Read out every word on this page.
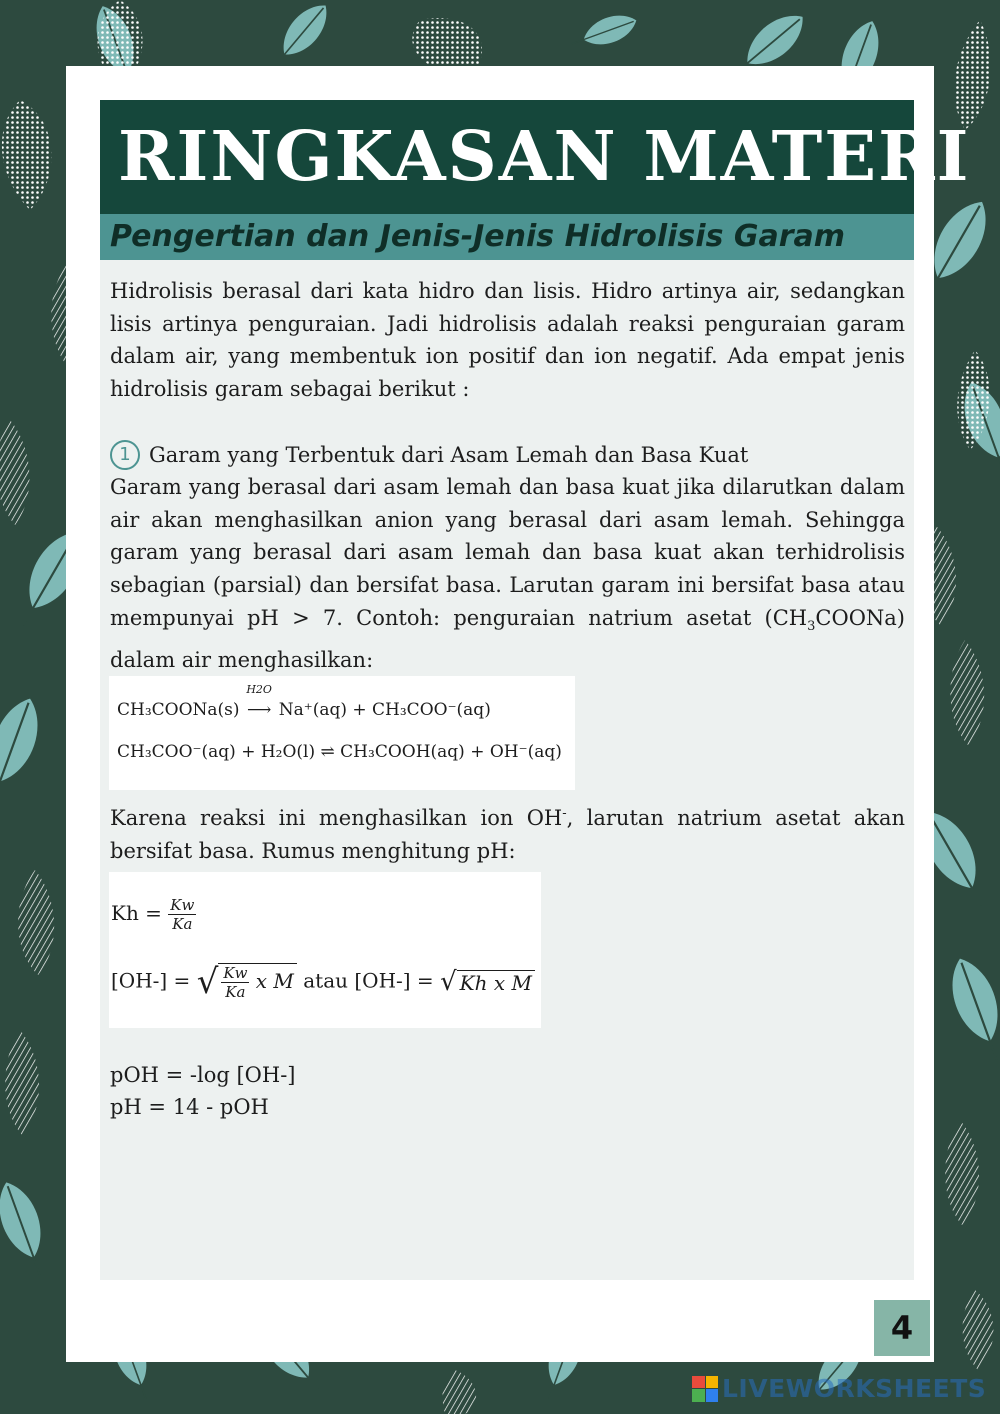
RINGKASAN MATERI
Pengertian dan Jenis-Jenis Hidrolisis Garam

Hidrolisis berasal dari kata hidro dan lisis. Hidro artinya air, sedangkan lisis artinya penguraian. Jadi hidrolisis adalah reaksi penguraian garam dalam air, yang membentuk ion positif dan ion negatif. Ada empat jenis hidrolisis garam sebagai berikut :

1 Garam yang Terbentuk dari Asam Lemah dan Basa Kuat

Garam yang berasal dari asam lemah dan basa kuat jika dilarutkan dalam air akan menghasilkan anion yang berasal dari asam lemah. Sehingga garam yang berasal dari asam lemah dan basa kuat akan terhidrolisis sebagian (parsial) dan bersifat basa. Larutan garam ini bersifat basa atau mempunyai pH > 7. Contoh: penguraian natrium asetat $(CH_3COONa)$ dalam air menghasilkan:

CH₃COONa(s)
H2O
⟶ Na⁺(aq) + CH₃COO⁻(aq)
CH₃COO⁻(aq) + H₂O(l) ⇌ CH₃COOH(aq) + OH⁻(aq)

Karena reaksi ini menghasilkan ion OH-, larutan natrium asetat akan bersifat basa. Rumus menghitung pH:

$Kh = \frac{Kw}{Ka}$
[OH-] = √ $\frac{Kw}{Ka}$ x M atau [OH-] = √ Kh x M

pOH = -log [OH-]

pH = 14 - pOH

4
LIVEWORKSHEETS
